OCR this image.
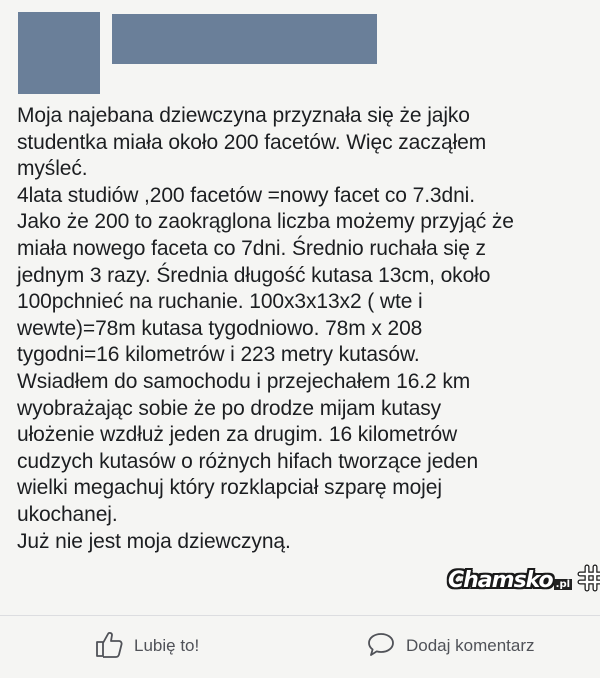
Moja najebana dziewczyna przyznała się że jajko
studentka miała około 200 facetów. Więc zacząłem
myśleć.
4lata studiów ,200 facetów =nowy facet co 7.3dni.
Jako że 200 to zaokrąglona liczba możemy przyjąć że
miała nowego faceta co 7dni. Średnio ruchała się z
jednym 3 razy. Średnia długość kutasa 13cm, około
100pchnieć na ruchanie. 100x3x13x2 ( wte i
wewte)=78m kutasa tygodniowo. 78m x 208
tygodni=16 kilometrów i 223 metry kutasów.
Wsiadłem do samochodu i przejechałem 16.2 km
wyobrażając sobie że po drodze mijam kutasy
ułożenie wzdłuż jeden za drugim. 16 kilometrów
cudzych kutasów o różnych hifach tworzące jeden
wielki megachuj który rozklapciał szparę mojej
ukochanej.
Już nie jest moja dziewczyną.
Chamsko .pl
Lubię to!	Dodaj komentarz
